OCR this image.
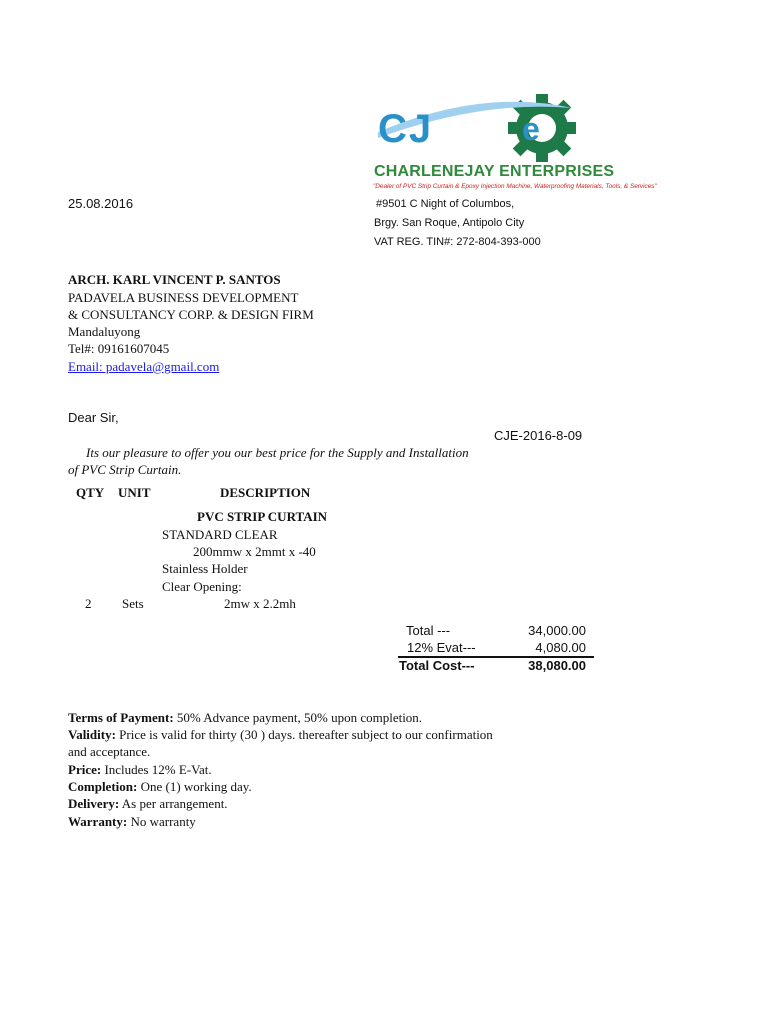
CJ	e
CHARLENEJAY ENTERPRISES
"Dealer of PVC Strip Curtain & Epoxy Injection Machine, Waterproofing Materials, Tools, & Services"
25.08.2016	#9501 C Night of Columbos,
Brgy. San Roque, Antipolo City
VAT REG. TIN#: 272-804-393-000
ARCH. KARL VINCENT P. SANTOS
PADAVELA BUSINESS DEVELOPMENT
& CONSULTANCY CORP. & DESIGN FIRM
Mandaluyong
Tel#: 09161607045
Email: padavela@gmail.com
Dear Sir,
CJE-2016-8-09
Its our pleasure to offer you our best price for the Supply and Installation
of PVC Strip Curtain.
QTY UNIT	DESCRIPTION
PVC STRIP CURTAIN
STANDARD CLEAR
200mmw x 2mmt x -40
Stainless Holder
Clear Opening:
2 Sets	2mw x 2.2mh
Total ---	34,000.00
12% Evat---	4,080.00
Total Cost---	38,080.00
Terms of Payment: 50% Advance payment, 50% upon completion.
Validity: Price is valid for thirty (30 ) days. thereafter subject to our confirmation
and acceptance.
Price: Includes 12% E-Vat.
Completion: One (1) working day.
Delivery: As per arrangement.
Warranty: No warranty
